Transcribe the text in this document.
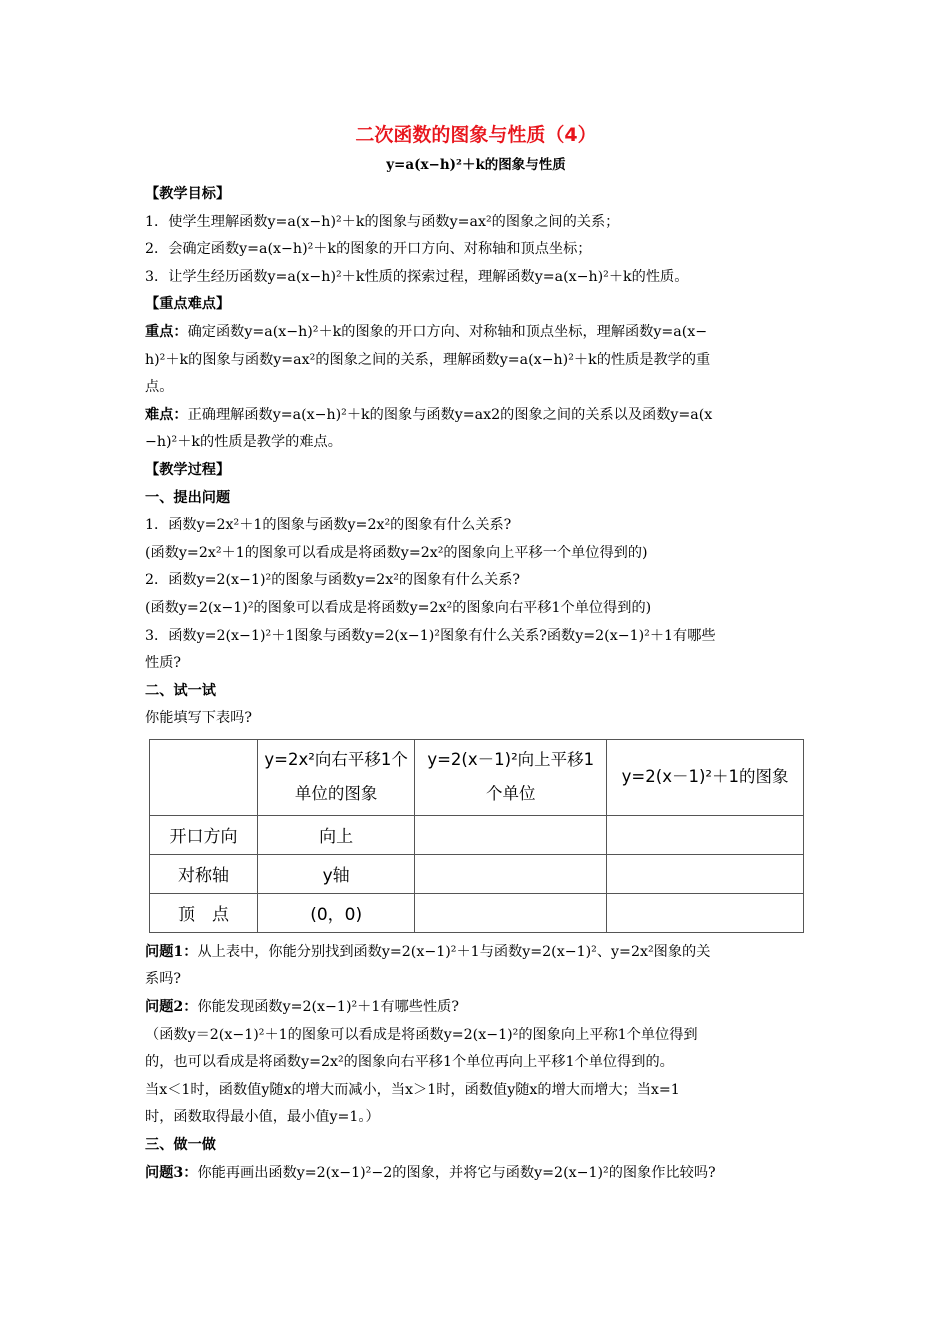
二次函数的图象与性质（4）

y=a(x−h)²＋k的图象与性质

【教学目标】

1．使学生理解函数y=a(x−h)²＋k的图象与函数y=ax²的图象之间的关系；

2．会确定函数y=a(x−h)²＋k的图象的开口方向、对称轴和顶点坐标；

3．让学生经历函数y=a(x−h)²＋k性质的探索过程，理解函数y=a(x−h)²＋k的性质。

【重点难点】

重点：确定函数y=a(x−h)²＋k的图象的开口方向、对称轴和顶点坐标，理解函数y=a(x−

h)²＋k的图象与函数y=ax²的图象之间的关系，理解函数y=a(x−h)²＋k的性质是教学的重

点。

难点：正确理解函数y=a(x−h)²＋k的图象与函数y=ax2的图象之间的关系以及函数y=a(x

−h)²＋k的性质是教学的难点。

【教学过程】

一、提出问题

1．函数y=2x²＋1的图象与函数y=2x²的图象有什么关系?

(函数y=2x²＋1的图象可以看成是将函数y=2x²的图象向上平移一个单位得到的)

2．函数y=2(x−1)²的图象与函数y=2x²的图象有什么关系?

(函数y=2(x−1)²的图象可以看成是将函数y=2x²的图象向右平移1个单位得到的)

3．函数y=2(x−1)²＋1图象与函数y=2(x−1)²图象有什么关系?函数y=2(x−1)²＋1有哪些

性质?

二、试一试

你能填写下表吗?

	y=2x²向右平移1个单位的图象	y=2(x－1)²向上平移1个单位	y=2(x－1)²＋1的图象
开口方向	向上		
对称轴	y轴		
顶　点	(0，0)		

问题1：从上表中，你能分别找到函数y=2(x−1)²＋1与函数y=2(x−1)²、y=2x²图象的关

系吗?

问题2：你能发现函数y=2(x−1)²＋1有哪些性质?

（函数y＝2(x−1)²＋1的图象可以看成是将函数y=2(x−1)²的图象向上平称1个单位得到

的，也可以看成是将函数y=2x²的图象向右平移1个单位再向上平移1个单位得到的。

当x＜1时，函数值y随x的增大而减小，当x＞1时，函数值y随x的增大而增大；当x=1

时，函数取得最小值，最小值y=1。）

三、做一做

问题3：你能再画出函数y=2(x−1)²−2的图象，并将它与函数y=2(x−1)²的图象作比较吗?
